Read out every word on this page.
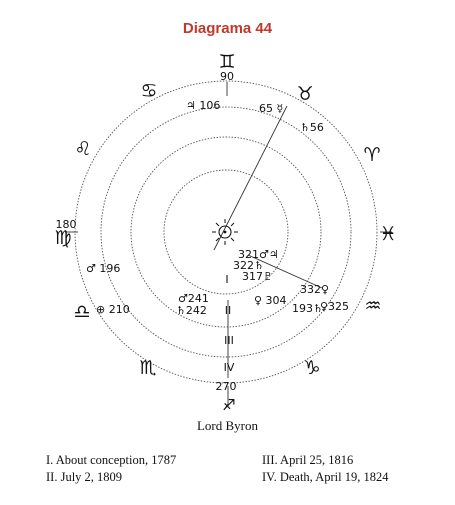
Diagrama 44
♊
♉
♈
♓
♒
♑
♐
♏
♎
♍
♌
♋
90
180
270
♃ 106	65 ☿
♄56
♂ 196
⊕ 210
321♂♃
322♄
317♇
♀ 304
332♀
193♄
♀325
♂241
♄242
I
II
III
IV
Lord Byron
I. About conception, 1787
II. July 2, 1809
III. April 25, 1816
IV. Death, April 19, 1824
